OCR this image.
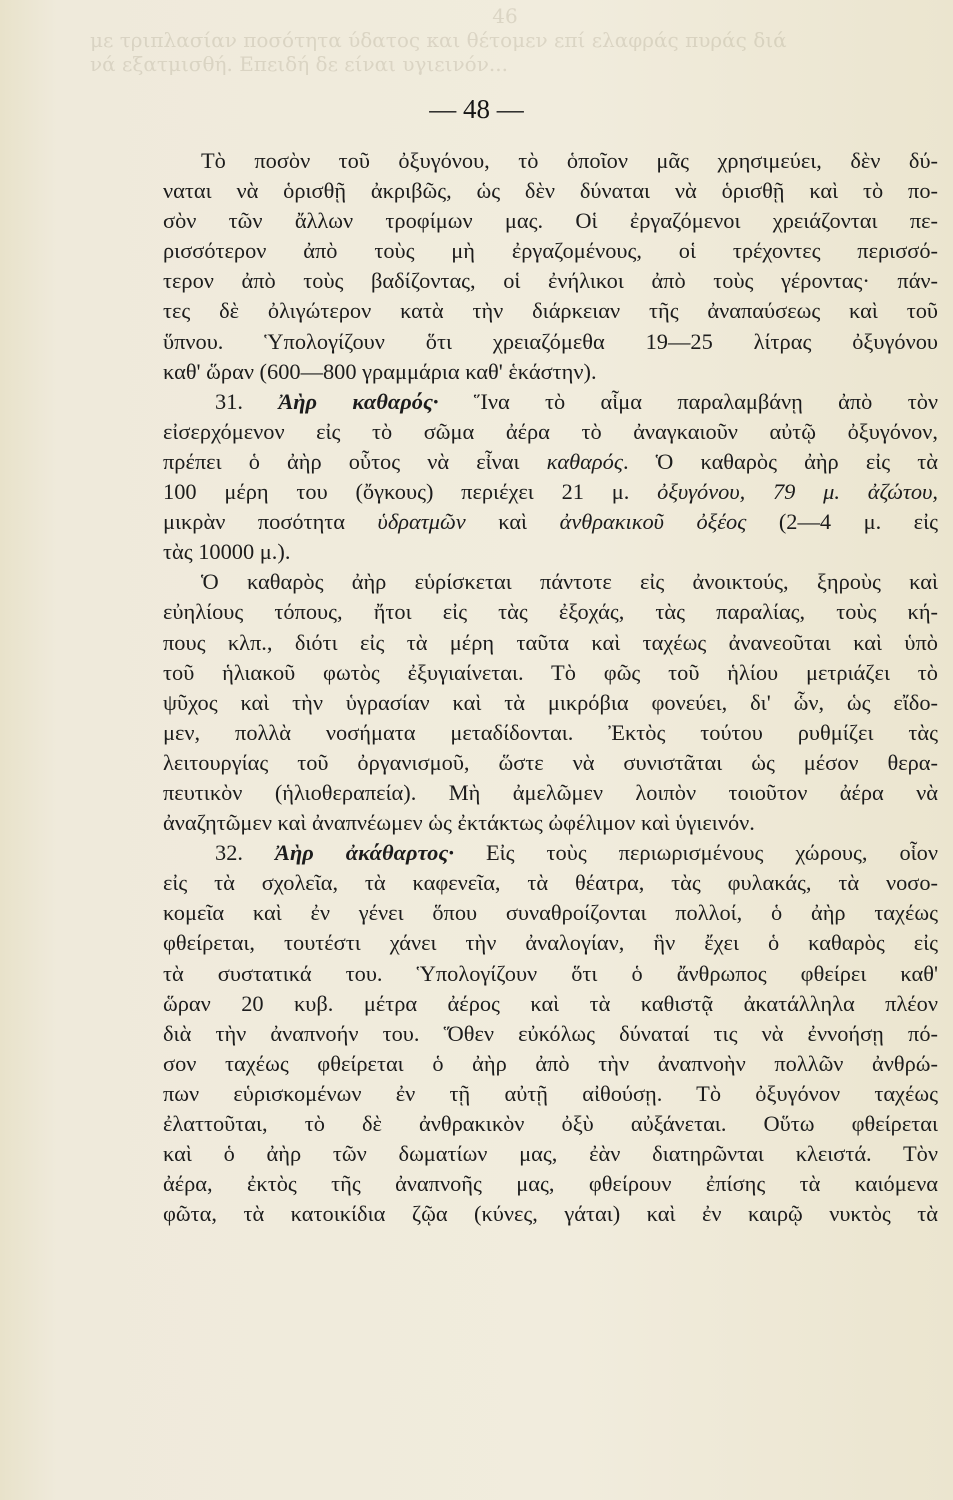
46
με τριπλασίαν ποσότητα ύδατος και θέτομεν επί ελαφράς πυράς διά
νά εξατμισθή. Επειδή δε είναι υγιεινόν...
— 48 —
Τὸ ποσὸν τοῦ ὀξυγόνου, τὸ ὁποῖον μᾶς χρησιμεύει, δὲν δύ-
ναται νὰ ὁρισθῇ ἀκριβῶς, ὡς δὲν δύναται νὰ ὁρισθῇ καὶ τὸ πο-
σὸν τῶν ἄλλων τροφίμων μας. Οἱ ἐργαζόμενοι χρειάζονται πε-
ρισσότερον ἀπὸ τοὺς μὴ ἐργαζομένους, οἱ τρέχοντες περισσό-
τερον ἀπὸ τοὺς βαδίζοντας, οἱ ἐνήλικοι ἀπὸ τοὺς γέροντας· πάν-
τες δὲ ὀλιγώτερον κατὰ τὴν διάρκειαν τῆς ἀναπαύσεως καὶ τοῦ
ὕπνου. Ὑπολογίζουν ὅτι χρειαζόμεθα 19—25 λίτρας ὀξυγόνου
καθ' ὥραν (600—800 γραμμάρια καθ' ἑκάστην).
31. Ἀὴρ καθαρός· Ἵνα τὸ αἷμα παραλαμβάνῃ ἀπὸ τὸν
εἰσερχόμενον εἰς τὸ σῶμα ἀέρα τὸ ἀναγκαιοῦν αὐτῷ ὀξυγόνον,
πρέπει ὁ ἀὴρ οὗτος νὰ εἶναι καθαρός. Ὁ καθαρὸς ἀὴρ εἰς τὰ
100 μέρη του (ὄγκους) περιέχει 21 μ. ὀξυγόνου, 79 μ. ἀζώτου,
μικρὰν ποσότητα ὑδρατμῶν καὶ ἀνθρακικοῦ ὀξέος (2—4 μ. εἰς
τὰς 10000 μ.).
Ὁ καθαρὸς ἀὴρ εὑρίσκεται πάντοτε εἰς ἀνοικτούς, ξηροὺς καὶ
εὐηλίους τόπους, ἤτοι εἰς τὰς ἐξοχάς, τὰς παραλίας, τοὺς κή-
πους κλπ., διότι εἰς τὰ μέρη ταῦτα καὶ ταχέως ἀνανεοῦται καὶ ὑπὸ
τοῦ ἡλιακοῦ φωτὸς ἐξυγιαίνεται. Τὸ φῶς τοῦ ἡλίου μετριάζει τὸ
ψῦχος καὶ τὴν ὑγρασίαν καὶ τὰ μικρόβια φονεύει, δι' ὧν, ὡς εἴδο-
μεν, πολλὰ νοσήματα μεταδίδονται. Ἐκτὸς τούτου ρυθμίζει τὰς
λειτουργίας τοῦ ὀργανισμοῦ, ὥστε νὰ συνιστᾶται ὡς μέσον θερα-
πευτικὸν (ἡλιοθεραπεία). Μὴ ἀμελῶμεν λοιπὸν τοιοῦτον ἀέρα νὰ
ἀναζητῶμεν καὶ ἀναπνέωμεν ὡς ἐκτάκτως ὠφέλιμον καὶ ὑγιεινόν.
32. Ἀὴρ ἀκάθαρτος· Εἰς τοὺς περιωρισμένους χώρους, οἷον
εἰς τὰ σχολεῖα, τὰ καφενεῖα, τὰ θέατρα, τὰς φυλακάς, τὰ νοσο-
κομεῖα καὶ ἐν γένει ὅπου συναθροίζονται πολλοί, ὁ ἀὴρ ταχέως
φθείρεται, τουτέστι χάνει τὴν ἀναλογίαν, ἣν ἔχει ὁ καθαρὸς εἰς
τὰ συστατικά του. Ὑπολογίζουν ὅτι ὁ ἄνθρωπος φθείρει καθ'
ὥραν 20 κυβ. μέτρα ἀέρος καὶ τὰ καθιστᾷ ἀκατάλληλα πλέον
διὰ τὴν ἀναπνοήν του. Ὅθεν εὐκόλως δύναταί τις νὰ ἐννοήσῃ πό-
σον ταχέως φθείρεται ὁ ἀὴρ ἀπὸ τὴν ἀναπνοὴν πολλῶν ἀνθρώ-
πων εὑρισκομένων ἐν τῇ αὐτῇ αἰθούσῃ. Τὸ ὀξυγόνον ταχέως
ἐλαττοῦται, τὸ δὲ ἀνθρακικὸν ὀξὺ αὐξάνεται. Οὕτω φθείρεται
καὶ ὁ ἀὴρ τῶν δωματίων μας, ἐὰν διατηρῶνται κλειστά. Τὸν
ἀέρα, ἐκτὸς τῆς ἀναπνοῆς μας, φθείρουν ἐπίσης τὰ καιόμενα
φῶτα, τὰ κατοικίδια ζῷα (κύνες, γάται) καὶ ἐν καιρῷ νυκτὸς τὰ
